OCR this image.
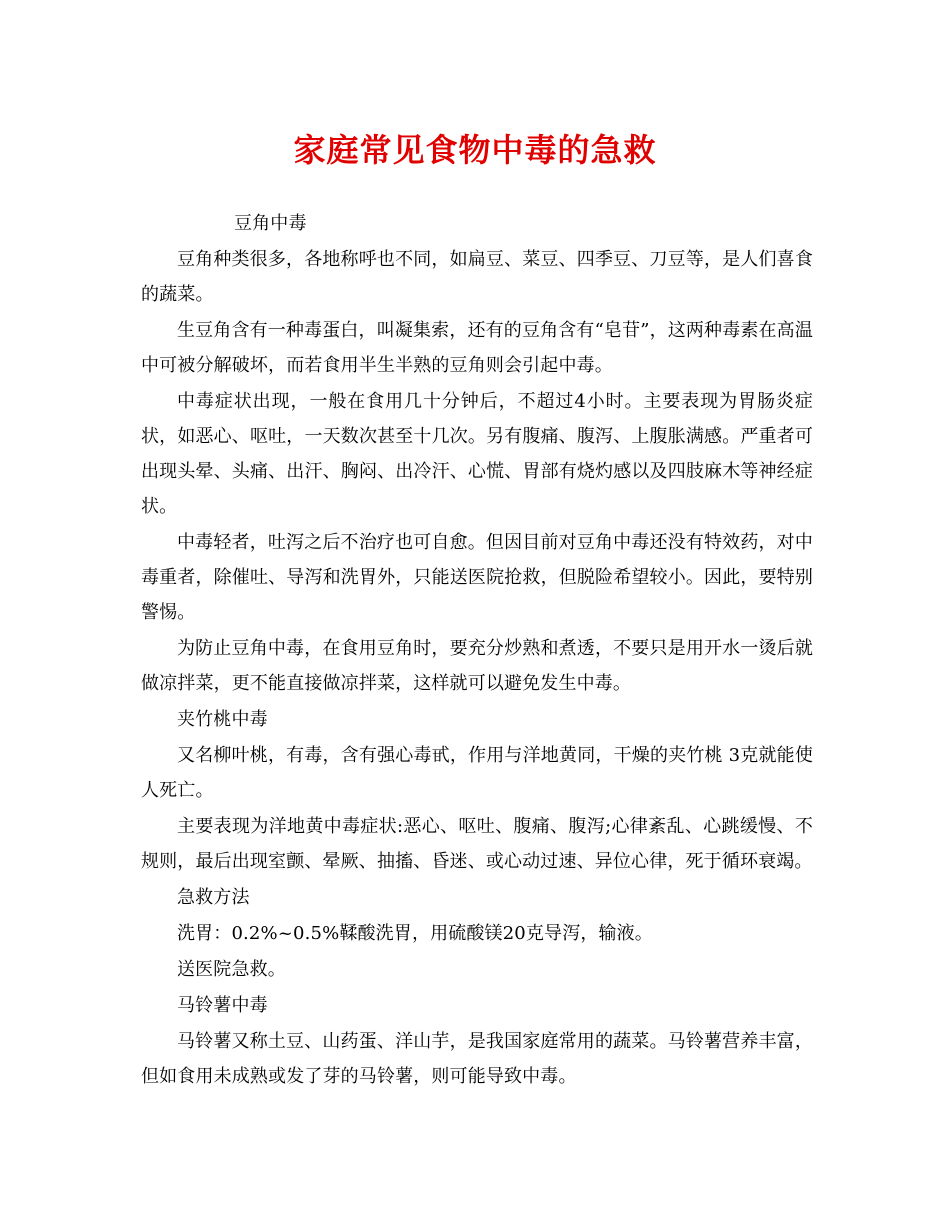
家庭常见食物中毒的急救

豆角中毒

豆角种类很多，各地称呼也不同，如扁豆、菜豆、四季豆、刀豆等，是人们喜食的蔬菜。

生豆角含有一种毒蛋白，叫凝集索，还有的豆角含有“皂苷”，这两种毒素在高温中可被分解破坏，而若食用半生半熟的豆角则会引起中毒。

中毒症状出现，一般在食用几十分钟后，不超过4小时。主要表现为胃肠炎症状，如恶心、呕吐，一天数次甚至十几次。另有腹痛、腹泻、上腹胀满感。严重者可出现头晕、头痛、出汗、胸闷、出冷汗、心慌、胃部有烧灼感以及四肢麻木等神经症状。

中毒轻者，吐泻之后不治疗也可自愈。但因目前对豆角中毒还没有特效药，对中毒重者，除催吐、导泻和洗胃外，只能送医院抢救，但脱险希望较小。因此，要特别警惕。

为防止豆角中毒，在食用豆角时，要充分炒熟和煮透，不要只是用开水一烫后就做凉拌菜，更不能直接做凉拌菜，这样就可以避免发生中毒。

夹竹桃中毒

又名柳叶桃，有毒，含有强心毒甙，作用与洋地黄同，干燥的夹竹桃 3克就能使人死亡。

主要表现为洋地黄中毒症状:恶心、呕吐、腹痛、腹泻;心律紊乱、心跳缓慢、不规则，最后出现室颤、晕厥、抽搐、昏迷、或心动过速、异位心律，死于循环衰竭。

急救方法

洗胃：0.2%~0.5%鞣酸洗胃，用硫酸镁20克导泻，输液。

送医院急救。

马铃薯中毒

马铃薯又称土豆、山药蛋、洋山芋，是我国家庭常用的蔬菜。马铃薯营养丰富，但如食用未成熟或发了芽的马铃薯，则可能导致中毒。
